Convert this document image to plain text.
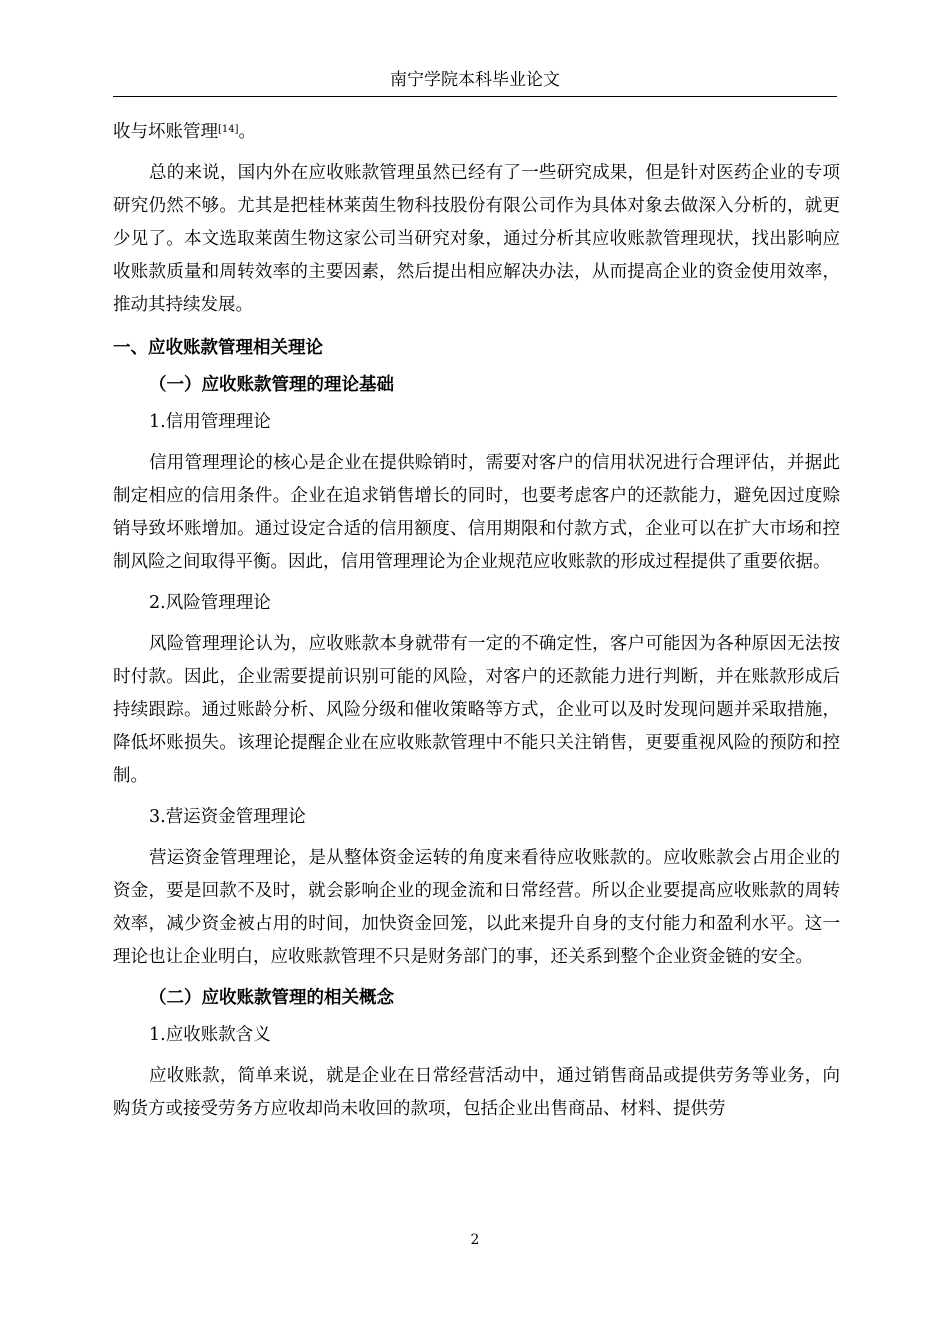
南宁学院本科毕业论文

收与坏账管理[14]。

总的来说，国内外在应收账款管理虽然已经有了一些研究成果，但是针对医药企业的专项研究仍然不够。尤其是把桂林莱茵生物科技股份有限公司作为具体对象去做深入分析的，就更少见了。本文选取莱茵生物这家公司当研究对象，通过分析其应收账款管理现状，找出影响应收账款质量和周转效率的主要因素，然后提出相应解决办法，从而提高企业的资金使用效率，推动其持续发展。

一、应收账款管理相关理论

（一）应收账款管理的理论基础

1.信用管理理论

信用管理理论的核心是企业在提供赊销时，需要对客户的信用状况进行合理评估，并据此制定相应的信用条件。企业在追求销售增长的同时，也要考虑客户的还款能力，避免因过度赊销导致坏账增加。通过设定合适的信用额度、信用期限和付款方式，企业可以在扩大市场和控制风险之间取得平衡。因此，信用管理理论为企业规范应收账款的形成过程提供了重要依据。

2.风险管理理论

风险管理理论认为，应收账款本身就带有一定的不确定性，客户可能因为各种原因无法按时付款。因此，企业需要提前识别可能的风险，对客户的还款能力进行判断，并在账款形成后持续跟踪。通过账龄分析、风险分级和催收策略等方式，企业可以及时发现问题并采取措施，降低坏账损失。该理论提醒企业在应收账款管理中不能只关注销售，更要重视风险的预防和控制。

3.营运资金管理理论

营运资金管理理论，是从整体资金运转的角度来看待应收账款的。应收账款会占用企业的资金，要是回款不及时，就会影响企业的现金流和日常经营。所以企业要提高应收账款的周转效率，减少资金被占用的时间，加快资金回笼，以此来提升自身的支付能力和盈利水平。这一理论也让企业明白，应收账款管理不只是财务部门的事，还关系到整个企业资金链的安全。

（二）应收账款管理的相关概念

1.应收账款含义

应收账款，简单来说，就是企业在日常经营活动中，通过销售商品或提供劳务等业务，向购货方或接受劳务方应收却尚未收回的款项，包括企业出售商品、材料、提供劳

2
